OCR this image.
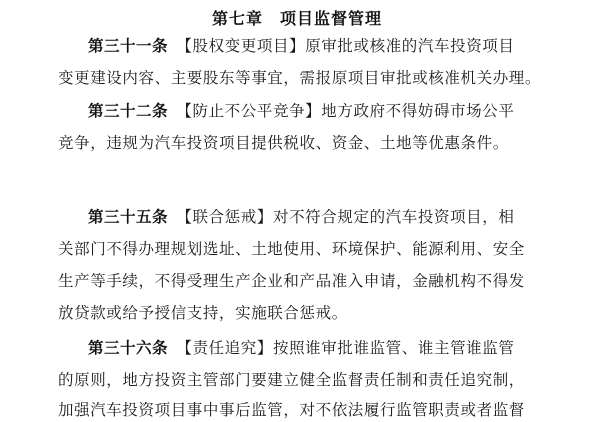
第七章　项目监督管理
第三十一条　 【股权变更项目】原审批或核准的汽车投资项目
变更建设内容、主要股东等事宜，需报原项目审批或核准机关办理。
第三十二条　 【防止不公平竞争】地方政府不得妨碍市场公平
竞争，违规为汽车投资项目提供税收、资金、土地等优惠条件。
第三十五条　 【联合惩戒】对不符合规定的汽车投资项目，相
关部门不得办理规划选址、土地使用、环境保护、能源利用、安全
生产等手续，不得受理生产企业和产品准入申请，金融机构不得发
放贷款或给予授信支持，实施联合惩戒。
第三十六条　 【责任追究】按照谁审批谁监管、谁主管谁监管
的原则，地方投资主管部门要建立健全监督责任制和责任追究制，
加强汽车投资项目事中事后监管，对不依法履行监管职责或者监督
